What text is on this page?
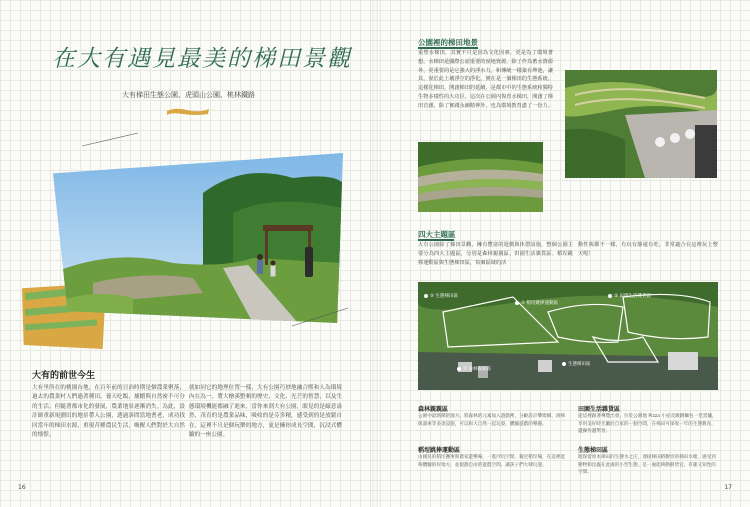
在大有遇見最美的梯田景觀
大有梯田生態公園、虎頭山公園、桃林鐵路
大有的前世今生
大有里所在的桃園台地，在百年前的日治時期是個農業聚落，過去的農業村人們過著種田、養天吃飯、捕蝦與自然密不可分的生活。但隨著都市化的發展，農業地景逐漸消失。為此，設計師重新規劃田的地景帶入公園，透過訴問當地耆老，成功找回當年的梯田水源，重現昔種農民生活，喚醒人們對於大自然的憧憬。
就如同它的地理位置一樣，大有公園巧妙地融合熙和人為環境內在為一，將大檜溪整頓的歷史、文化、光芒的智慧，以及生態環境機能都融了進來，當你來到大有公園，眼見的是綠意盎然，茂育的是農業品味，吸收的是芬多精，感受到的是放鬆自在，這裡不只是個玩樂的地方，更是擁你成長空間，沉浸式體驗的一座公園。
16
公園裡的梯田地景
重塑水梯田，其實不只是因為文化因素，更是為了環境著想。水梯田是國際公認重要的溼地資源，除了作為蓄水資源外，更重要的是它強大的淨水力。和傳統一樣築有埤池，讓其，溼於此土壤淨空的淨化，實在是一個梯田的生態系統。這樣化梯田，開創梯田的延續，是都市中的生態系統和獨特生物多樣性的大功臣。這次在公園內復育水梯田，開創了梯田首創，除了實踐永續精神外，也為環境教育盡了一份力。
四大主題區
大有公園除了梯田景觀，擁有豐富的遊戲與休憩設施，整個公園主要分為四大主題區，分別是森林親親區、田園生活雜貨區、稻埕跳捧運動區與生態梯田區，每個區域的活
動性與都不一樣，有玩有靜還有吃，非常適合在這裡玩上整天呢！
⑤ 生態梯田區
① 稻埕跳捧運動區
② 田園生活雜貨區
③ 森林親親區
生態梯田區
森林親親區
公園中最熱鬧的地方。將森林的元素加入遊戲裡，分齡設計攀爬網、滑梯與溜索等多項設施，可以和大自然一起玩耍，體驗遊戲的樂趣。
田園生活雜貨區
從這裡跟著導覽出發，位於公園地 Pizza 小屋及跳跳麵包一堂窯爐，享用美好時光屬於自家的一個空間，在梯田可採收一年的生態教育，邊操作邊學習。
稻埕跳捧運動區
由國民的稻埕賽事與農家遊樂場，一進沙坑空間，親近稻埕場，在這裡能夠體驗的好地方，並規劃自由的遊戲空間，讓孩子們大肆玩耍。
生態梯田區
既保留原本梯田的生態水之庄，連接梯田稻樹旁的梯田水塘，感受到動物和昆蟲在此處的小型生態。是一處能夠動靜皆宜、有趣又知性的空間。
17
